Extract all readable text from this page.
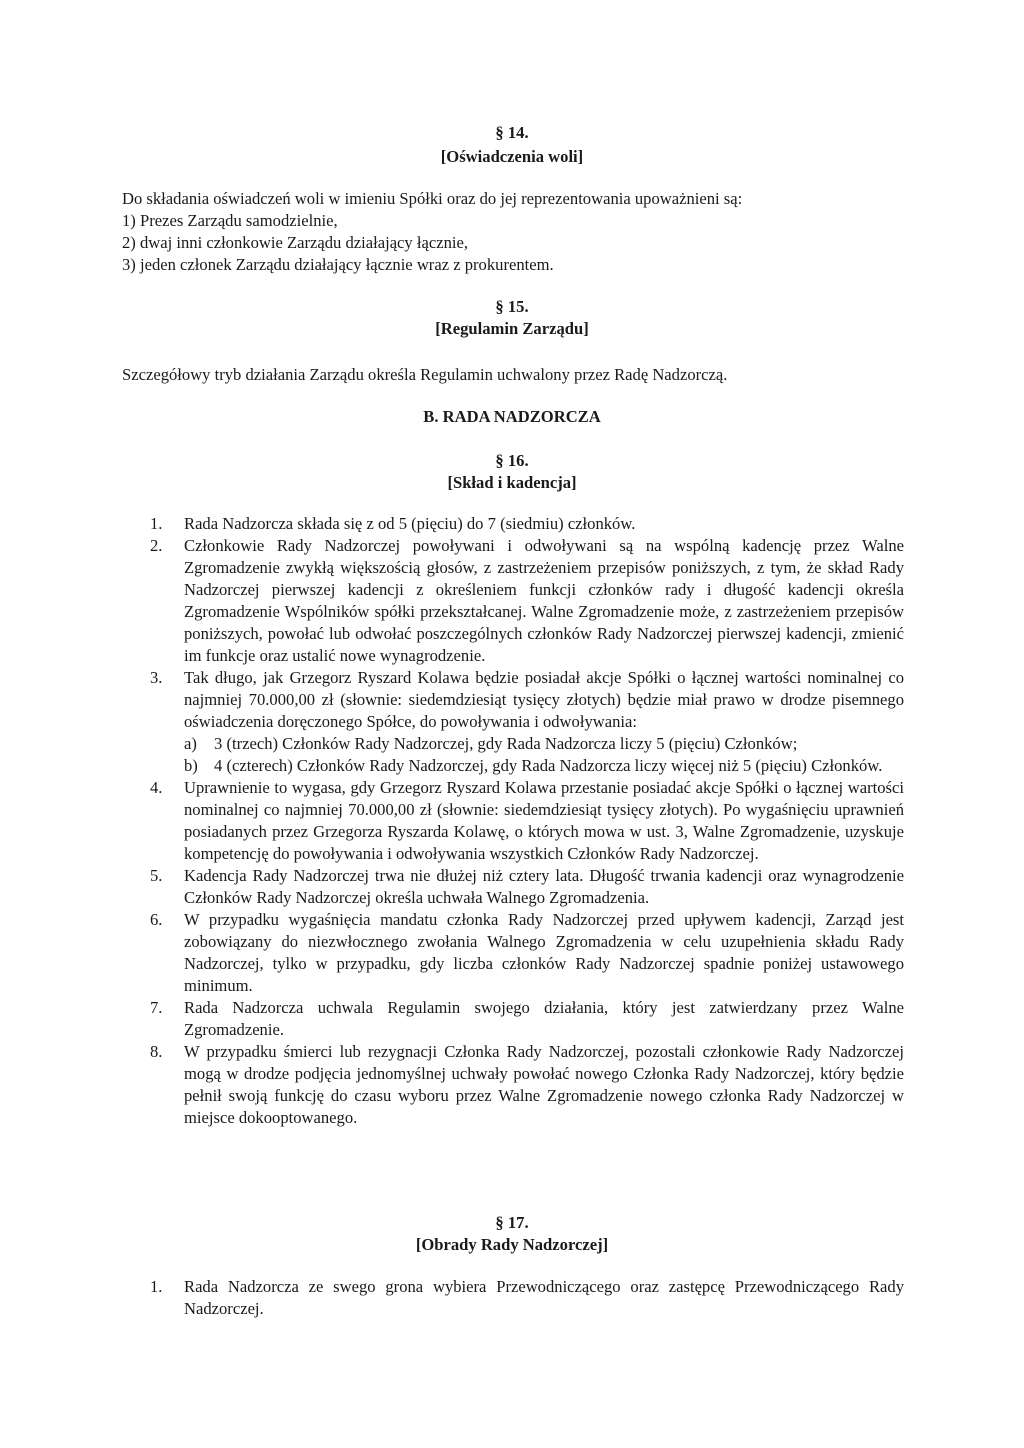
§ 14.
[Oświadczenia woli]
Do składania oświadczeń woli w imieniu Spółki oraz do jej reprezentowania upoważnieni są:
1) Prezes Zarządu samodzielnie,
2) dwaj inni członkowie Zarządu działający łącznie,
3) jeden członek Zarządu działający łącznie wraz z prokurentem.
§ 15.
[Regulamin Zarządu]
Szczegółowy tryb działania Zarządu określa Regulamin uchwalony przez Radę Nadzorczą.
B. RADA NADZORCZA
§ 16.
[Skład i kadencja]
1. Rada Nadzorcza składa się z od 5 (pięciu) do 7 (siedmiu) członków.
2. Członkowie Rady Nadzorczej powoływani i odwoływani są na wspólną kadencję przez Walne Zgromadzenie zwykłą większością głosów, z zastrzeżeniem przepisów poniższych, z tym, że skład Rady Nadzorczej pierwszej kadencji z określeniem funkcji członków rady i długość kadencji określa Zgromadzenie Wspólników spółki przekształcanej. Walne Zgromadzenie może, z zastrzeżeniem przepisów poniższych, powołać lub odwołać poszczególnych członków Rady Nadzorczej pierwszej kadencji, zmienić im funkcje oraz ustalić nowe wynagrodzenie.
3. Tak długo, jak Grzegorz Ryszard Kolawa będzie posiadał akcje Spółki o łącznej wartości nominalnej co najmniej 70.000,00 zł (słownie: siedemdziesiąt tysięcy złotych) będzie miał prawo w drodze pisemnego oświadczenia doręczonego Spółce, do powoływania i odwoływania:
a) 3 (trzech) Członków Rady Nadzorczej, gdy Rada Nadzorcza liczy 5 (pięciu) Członków;
b) 4 (czterech) Członków Rady Nadzorczej, gdy Rada Nadzorcza liczy więcej niż 5 (pięciu) Członków.
4. Uprawnienie to wygasa, gdy Grzegorz Ryszard Kolawa przestanie posiadać akcje Spółki o łącznej wartości nominalnej co najmniej 70.000,00 zł (słownie: siedemdziesiąt tysięcy złotych). Po wygaśnięciu uprawnień posiadanych przez Grzegorza Ryszarda Kolawę, o których mowa w ust. 3, Walne Zgromadzenie, uzyskuje kompetencję do powoływania i odwoływania wszystkich Członków Rady Nadzorczej.
5. Kadencja Rady Nadzorczej trwa nie dłużej niż cztery lata. Długość trwania kadencji oraz wynagrodzenie Członków Rady Nadzorczej określa uchwała Walnego Zgromadzenia.
6. W przypadku wygaśnięcia mandatu członka Rady Nadzorczej przed upływem kadencji, Zarząd jest zobowiązany do niezwłocznego zwołania Walnego Zgromadzenia w celu uzupełnienia składu Rady Nadzorczej, tylko w przypadku, gdy liczba członków Rady Nadzorczej spadnie poniżej ustawowego minimum.
7. Rada Nadzorcza uchwala Regulamin swojego działania, który jest zatwierdzany przez Walne Zgromadzenie.
8. W przypadku śmierci lub rezygnacji Członka Rady Nadzorczej, pozostali członkowie Rady Nadzorczej mogą w drodze podjęcia jednomyślnej uchwały powołać nowego Członka Rady Nadzorczej, który będzie pełnił swoją funkcję do czasu wyboru przez Walne Zgromadzenie nowego członka Rady Nadzorczej w miejsce dokooptowanego.
§ 17.
[Obrady Rady Nadzorczej]
1. Rada Nadzorcza ze swego grona wybiera Przewodniczącego oraz zastępcę Przewodniczącego Rady Nadzorczej.
